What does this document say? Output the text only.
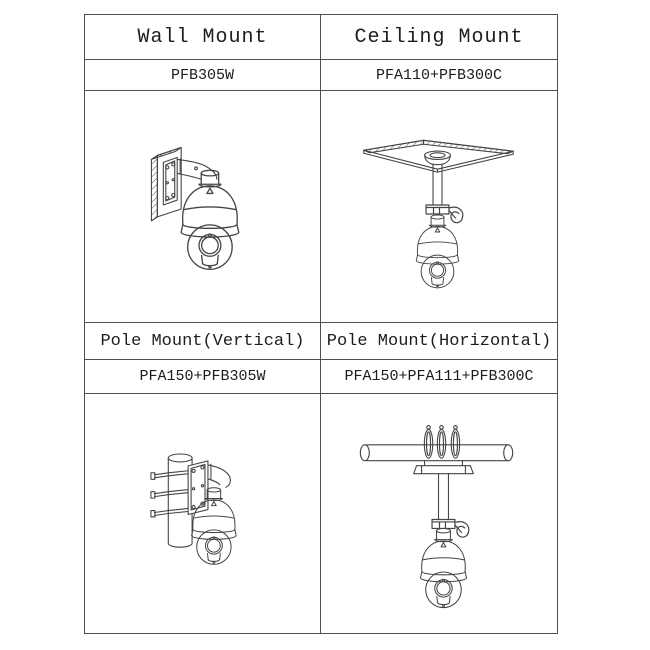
Wall Mount	Ceiling Mount
PFB305W	PFA110+PFB300C
Pole Mount(Vertical) Pole Mount(Horizontal)
PFA150+PFB305W	PFA150+PFA111+PFB300C
